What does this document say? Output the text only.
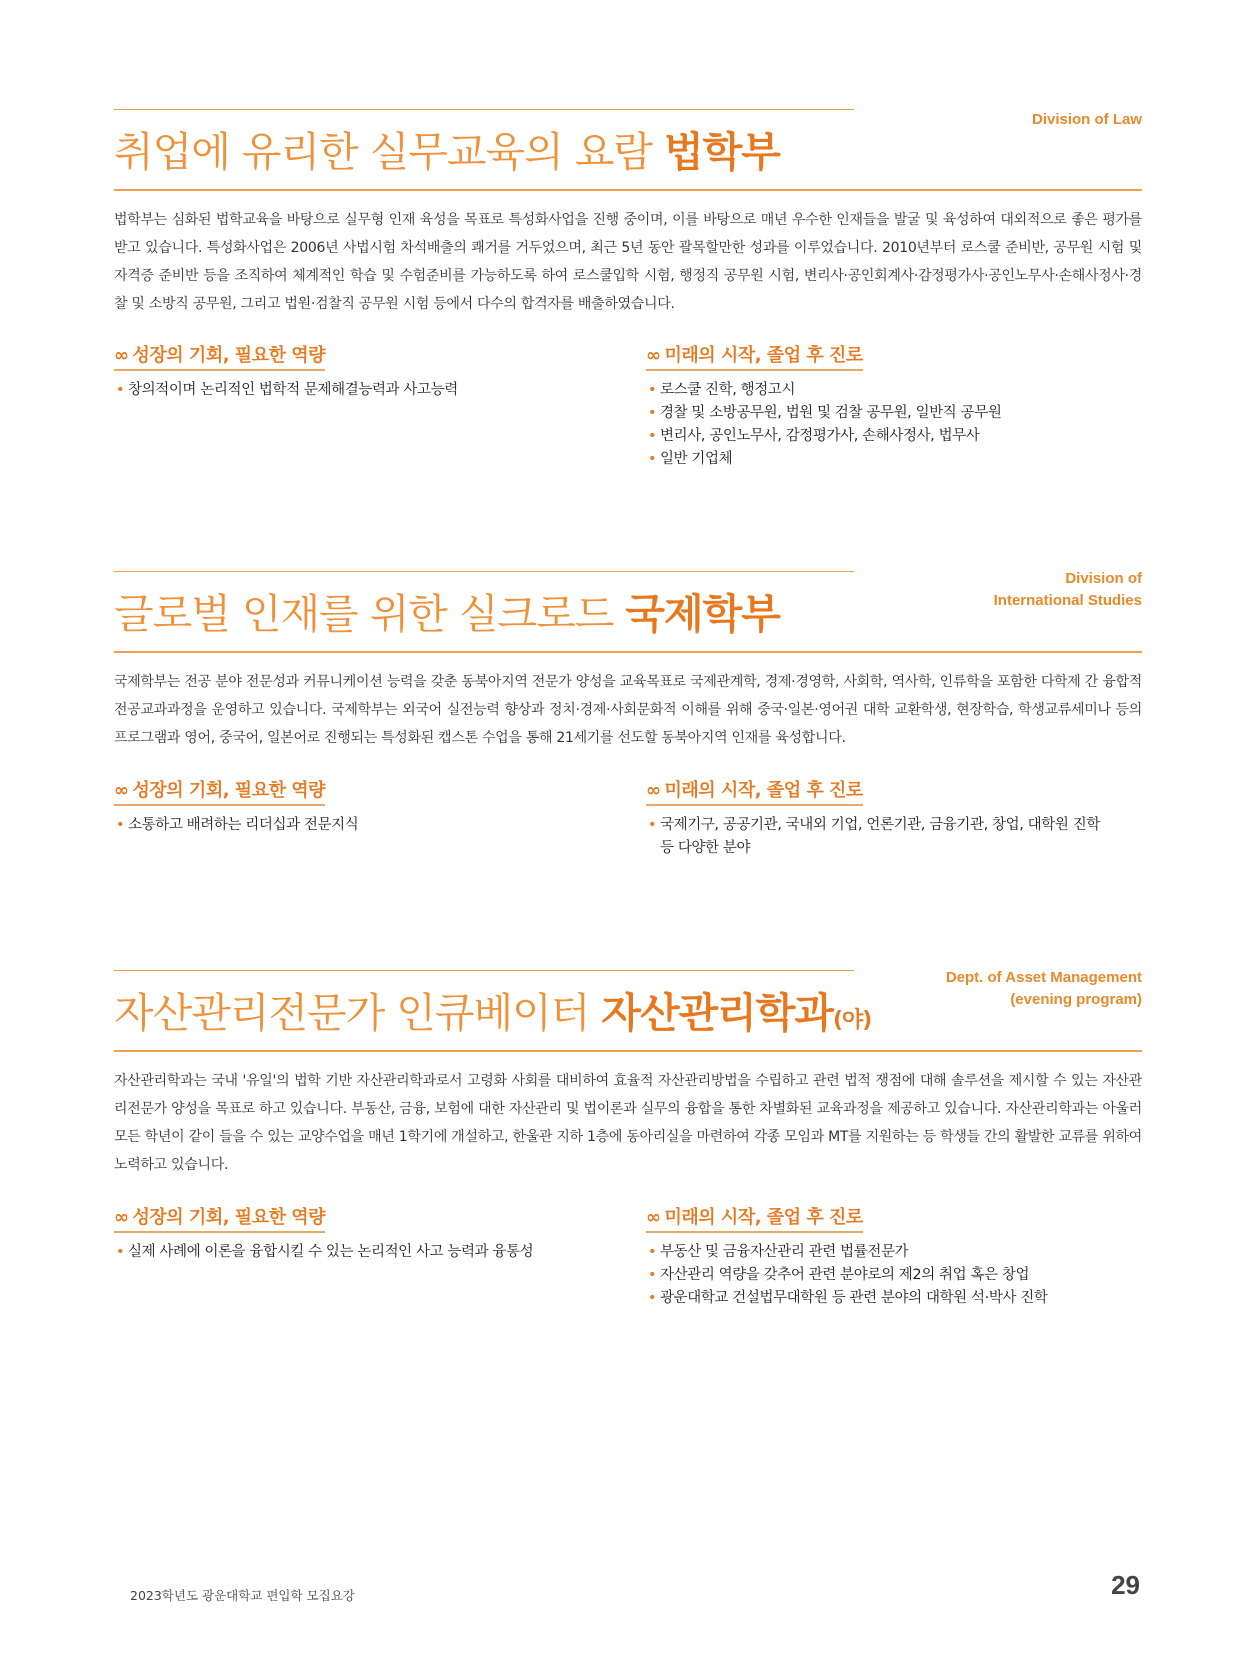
Division of Law
취업에 유리한 실무교육의 요람 법학부
법학부는 심화된 법학교육을 바탕으로 실무형 인재 육성을 목표로 특성화사업을 진행 중이며, 이를 바탕으로 매년 우수한 인재들을 발굴 및 육성하여 대외적으로 좋은 평가를 받고 있습니다. 특성화사업은 2006년 사법시험 차석배출의 쾌거를 거두었으며, 최근 5년 동안 괄목할만한 성과를 이루었습니다. 2010년부터 로스쿨 준비반, 공무원 시험 및 자격증 준비반 등을 조직하여 체계적인 학습 및 수험준비를 가능하도록 하여 로스쿨입학 시험, 행정직 공무원 시험, 변리사·공인회계사·감정평가사·공인노무사·손해사정사·경찰 및 소방직 공무원, 그리고 법원·검찰직 공무원 시험 등에서 다수의 합격자를 배출하였습니다.
∞ 성장의 기회, 필요한 역량
• 창의적이며 논리적인 법학적 문제해결능력과 사고능력
∞ 미래의 시작, 졸업 후 진로
• 로스쿨 진학, 행정고시
• 경찰 및 소방공무원, 법원 및 검찰 공무원, 일반직 공무원
• 변리사, 공인노무사, 감정평가사, 손해사정사, 법무사
• 일반 기업체
Division of
International Studies
글로벌 인재를 위한 실크로드 국제학부
국제학부는 전공 분야 전문성과 커뮤니케이션 능력을 갖춘 동북아지역 전문가 양성을 교육목표로 국제관계학, 경제·경영학, 사회학, 역사학, 인류학을 포함한 다학제 간 융합적 전공교과과정을 운영하고 있습니다. 국제학부는 외국어 실전능력 향상과 정치·경제·사회문화적 이해를 위해 중국·일본·영어권 대학 교환학생, 현장학습, 학생교류세미나 등의 프로그램과 영어, 중국어, 일본어로 진행되는 특성화된 캡스톤 수업을 통해 21세기를 선도할 동북아지역 인재를 육성합니다.
∞ 성장의 기회, 필요한 역량
• 소통하고 배려하는 리더십과 전문지식
∞ 미래의 시작, 졸업 후 진로
• 국제기구, 공공기관, 국내외 기업, 언론기관, 금융기관, 창업, 대학원 진학 등 다양한 분야
Dept. of Asset Management
(evening program)
자산관리전문가 인큐베이터 자산관리학과(야)
자산관리학과는 국내 '유일'의 법학 기반 자산관리학과로서 고령화 사회를 대비하여 효율적 자산관리방법을 수립하고 관련 법적 쟁점에 대해 솔루션을 제시할 수 있는 자산관리전문가 양성을 목표로 하고 있습니다. 부동산, 금융, 보험에 대한 자산관리 및 법이론과 실무의 융합을 통한 차별화된 교육과정을 제공하고 있습니다. 자산관리학과는 아울러 모든 학년이 같이 들을 수 있는 교양수업을 매년 1학기에 개설하고, 한울관 지하 1층에 동아리실을 마련하여 각종 모임과 MT를 지원하는 등 학생들 간의 활발한 교류를 위하여 노력하고 있습니다.
∞ 성장의 기회, 필요한 역량
• 실제 사례에 이론을 융합시킬 수 있는 논리적인 사고 능력과 융통성
∞ 미래의 시작, 졸업 후 진로
• 부동산 및 금융자산관리 관련 법률전문가
• 자산관리 역량을 갖추어 관련 분야로의 제2의 취업 혹은 창업
• 광운대학교 건설법무대학원 등 관련 분야의 대학원 석·박사 진학
2023학년도 광운대학교 편입학 모집요강	29
